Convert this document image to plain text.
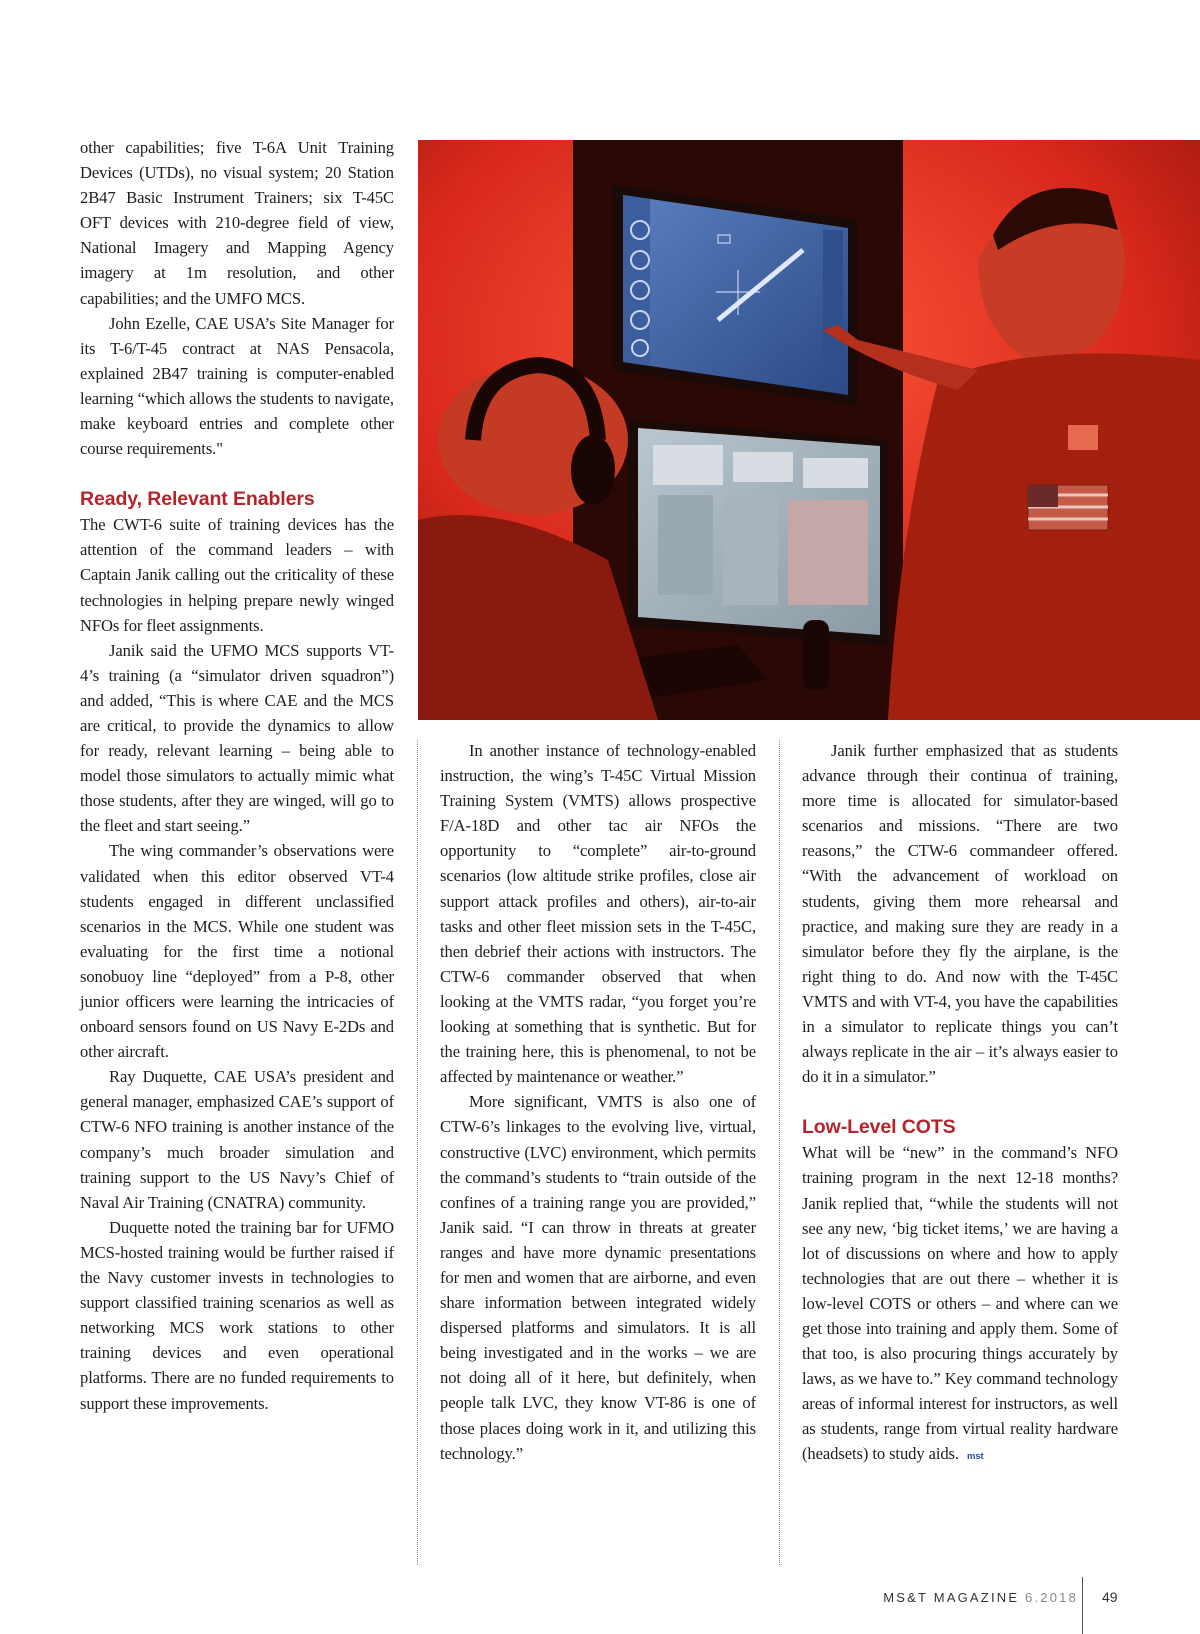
other capabilities; five T-6A Unit Training Devices (UTDs), no visual system; 20 Station 2B47 Basic Instrument Trainers; six T-45C OFT devices with 210-degree field of view, National Imagery and Mapping Agency imagery at 1m resolution, and other capabilities; and the UMFO MCS.

John Ezelle, CAE USA’s Site Manager for its T-6/T-45 contract at NAS Pensacola, explained 2B47 training is computer-enabled learning “which allows the students to navigate, make keyboard entries and complete other course requirements."

Ready, Relevant Enablers

The CWT-6 suite of training devices has the attention of the command leaders – with Captain Janik calling out the criticality of these technologies in helping prepare newly winged NFOs for fleet assignments.

Janik said the UFMO MCS supports VT-4’s training (a “simulator driven squadron”) and added, “This is where CAE and the MCS are critical, to provide the dynamics to allow for ready, relevant learning – being able to model those simulators to actually mimic what those students, after they are winged, will go to the fleet and start seeing.”

The wing commander’s observations were validated when this editor observed VT-4 students engaged in different unclassified scenarios in the MCS. While one student was evaluating for the first time a notional sonobuoy line “deployed” from a P-8, other junior officers were learning the intricacies of onboard sensors found on US Navy E-2Ds and other aircraft.

Ray Duquette, CAE USA’s president and general manager, emphasized CAE’s support of CTW-6 NFO training is another instance of the company’s much broader simulation and training support to the US Navy’s Chief of Naval Air Training (CNATRA) community.

Duquette noted the training bar for UFMO MCS-hosted training would be further raised if the Navy customer invests in technologies to support classified training scenarios as well as networking MCS work stations to other training devices and even operational platforms. There are no funded requirements to support these improvements.

In another instance of technology-enabled instruction, the wing’s T-45C Virtual Mission Training System (VMTS) allows prospective F/A-18D and other tac air NFOs the opportunity to “complete” air-to-ground scenarios (low altitude strike profiles, close air support attack profiles and others), air-to-air tasks and other fleet mission sets in the T-45C, then debrief their actions with instructors. The CTW-6 commander observed that when looking at the VMTS radar, “you forget you’re looking at something that is synthetic. But for the training here, this is phenomenal, to not be affected by maintenance or weather.”

More significant, VMTS is also one of CTW-6’s linkages to the evolving live, virtual, constructive (LVC) environment, which permits the command’s students to “train outside of the confines of a training range you are provided,” Janik said. “I can throw in threats at greater ranges and have more dynamic presentations for men and women that are airborne, and even share information between integrated widely dispersed platforms and simulators. It is all being investigated and in the works – we are not doing all of it here, but definitely, when people talk LVC, they know VT-86 is one of those places doing work in it, and utilizing this technology.”

Janik further emphasized that as students advance through their continua of training, more time is allocated for simulator-based scenarios and missions. “There are two reasons,” the CTW-6 commandeer offered. “With the advancement of workload on students, giving them more rehearsal and practice, and making sure they are ready in a simulator before they fly the airplane, is the right thing to do. And now with the T-45C VMTS and with VT-4, you have the capabilities in a simulator to replicate things you can’t always replicate in the air – it’s always easier to do it in a simulator.”

Low-Level COTS

What will be “new” in the command’s NFO training program in the next 12-18 months? Janik replied that, “while the students will not see any new, ‘big ticket items,’ we are having a lot of discussions on where and how to apply technologies that are out there – whether it is low-level COTS or others – and where can we get those into training and apply them. Some of that too, is also procuring things accurately by laws, as we have to.” Key command technology areas of informal interest for instructors, as well as students, range from virtual reality hardware (headsets) to study aids. mst

MS&T MAGAZINE 6.2018 49
